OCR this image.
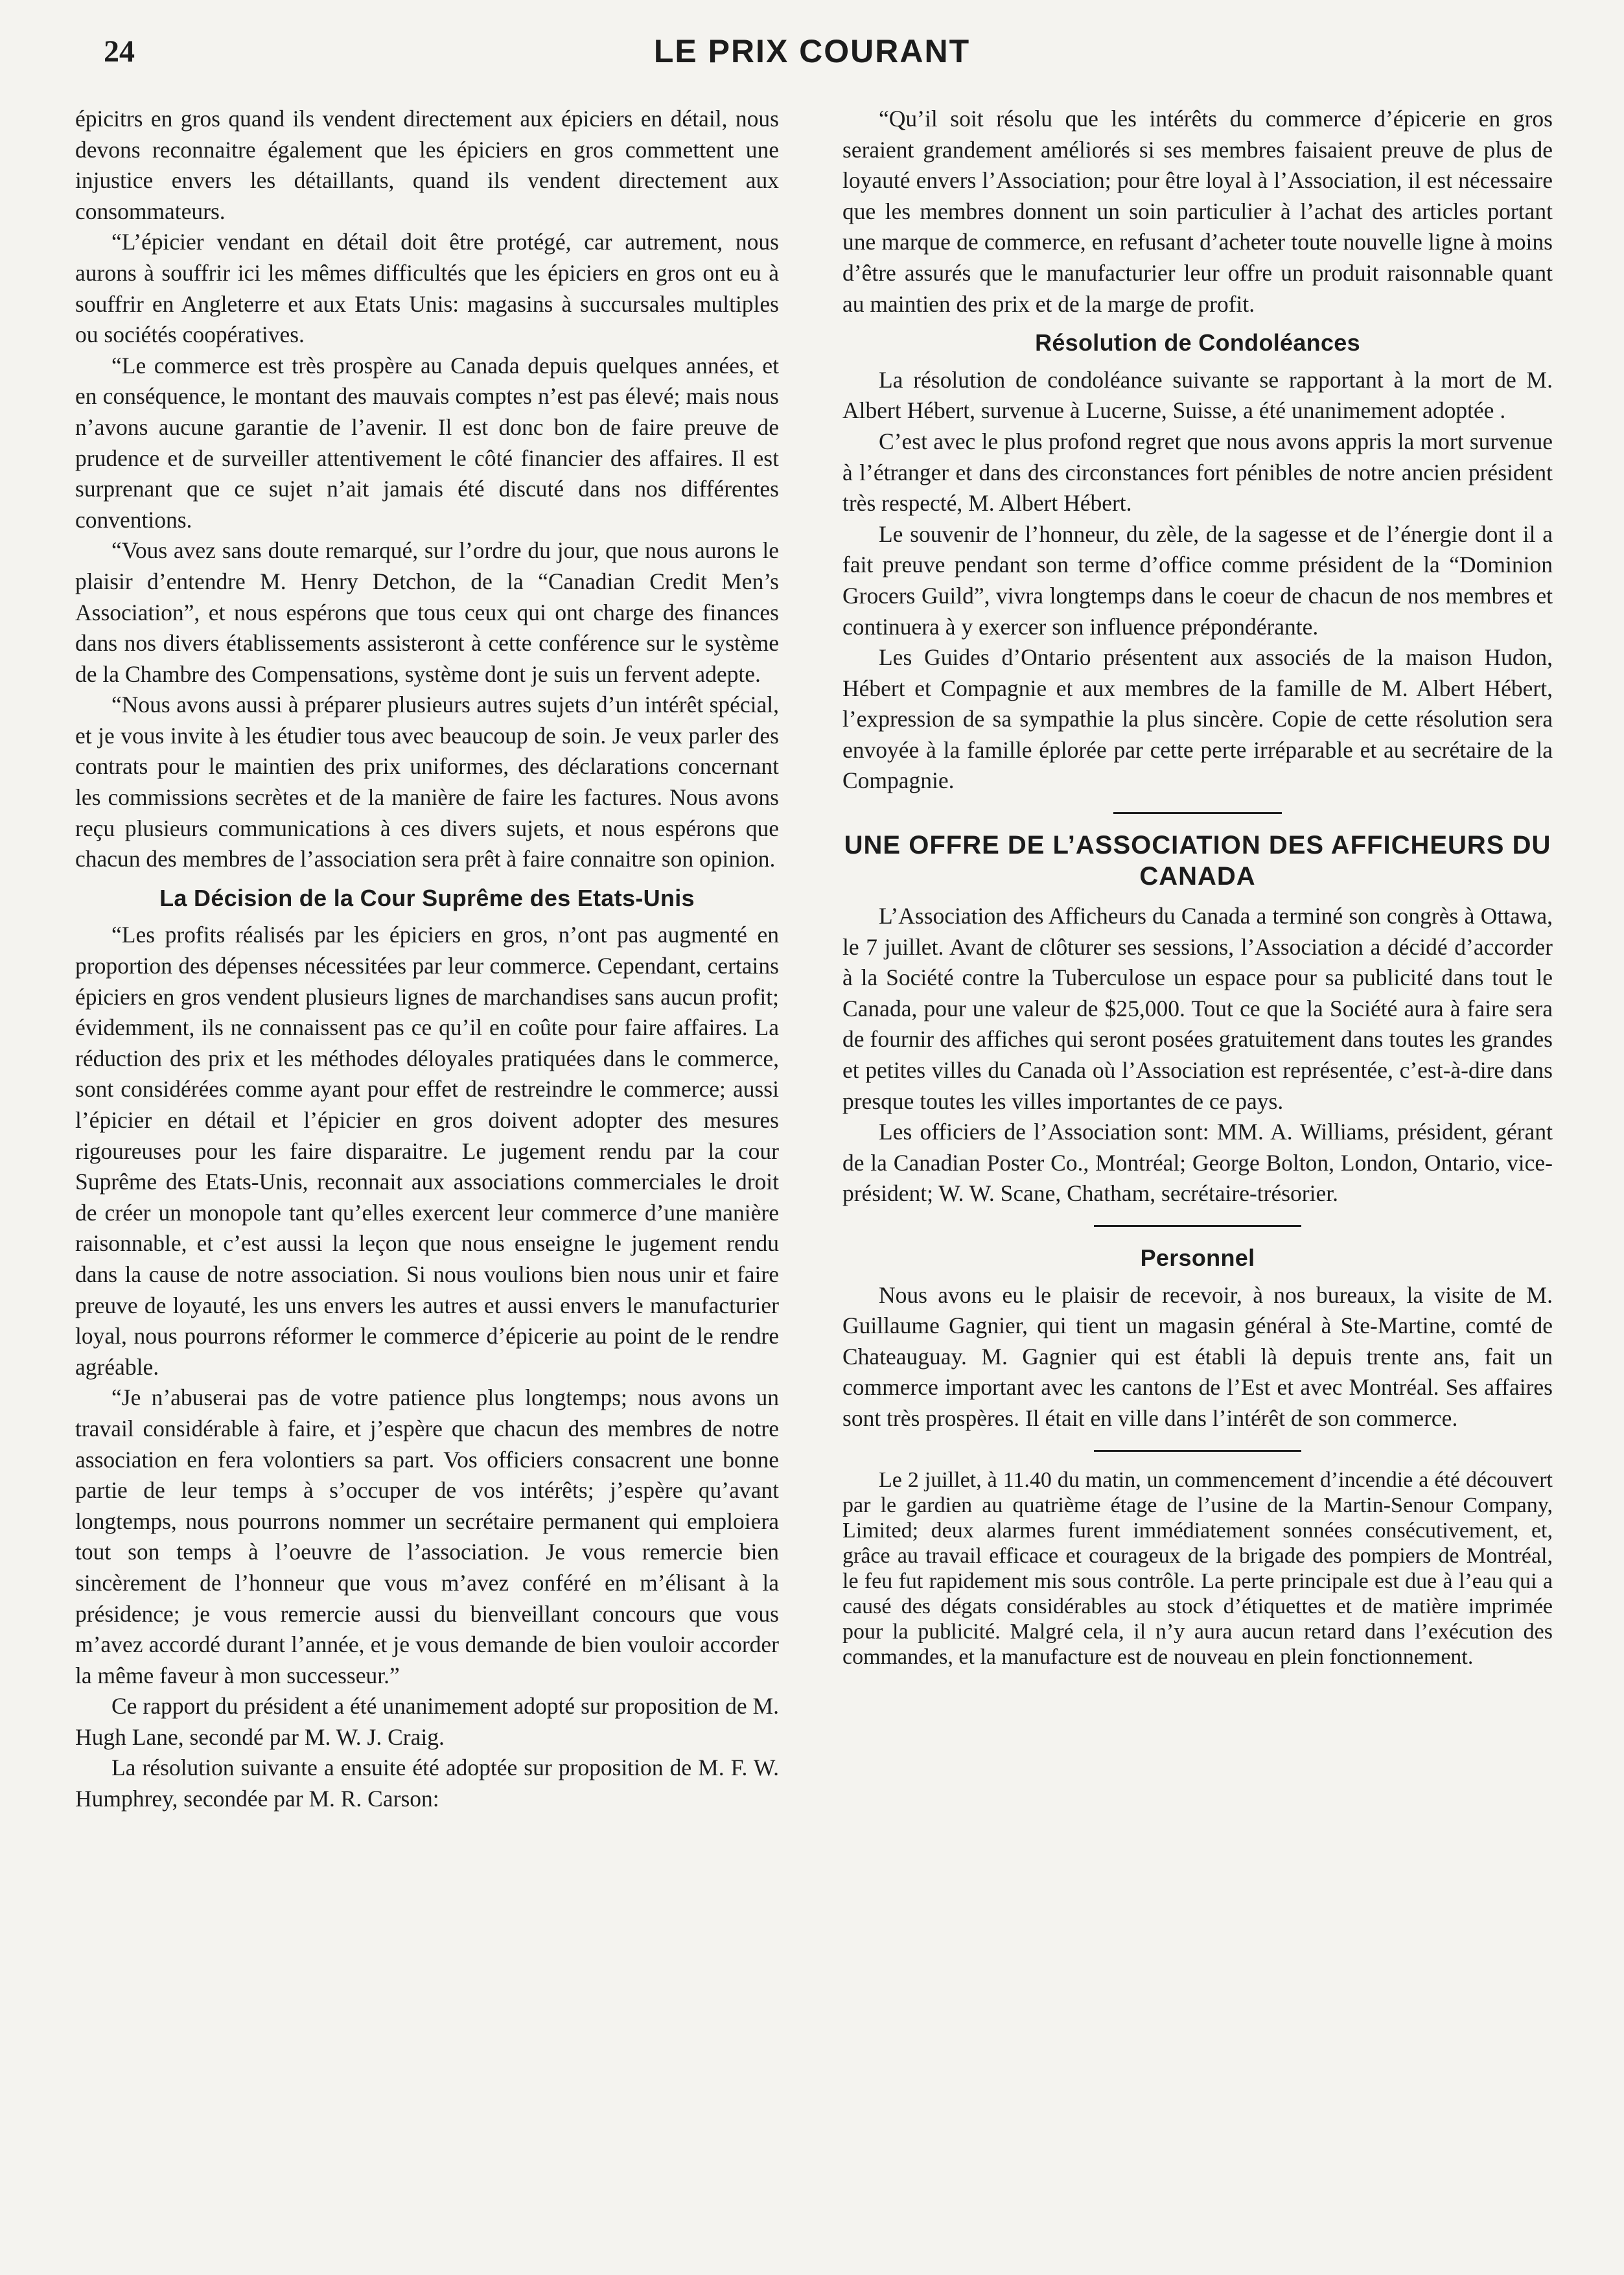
24	LE PRIX COURANT

épicitrs en gros quand ils vendent directement aux épiciers en détail, nous devons reconnaitre également que les épiciers en gros commettent une injustice envers les détaillants, quand ils vendent directement aux consommateurs.

“L’épicier vendant en détail doit être protégé, car autrement, nous aurons à souffrir ici les mêmes difficultés que les épiciers en gros ont eu à souffrir en Angleterre et aux Etats Unis: magasins à succursales multiples ou sociétés coopératives.

“Le commerce est très prospère au Canada depuis quelques années, et en conséquence, le montant des mauvais comptes n’est pas élevé; mais nous n’avons aucune garantie de l’avenir. Il est donc bon de faire preuve de prudence et de surveiller attentivement le côté financier des affaires. Il est surprenant que ce sujet n’ait jamais été discuté dans nos différentes conventions.

“Vous avez sans doute remarqué, sur l’ordre du jour, que nous aurons le plaisir d’entendre M. Henry Detchon, de la “Canadian Credit Men’s Association”, et nous espérons que tous ceux qui ont charge des finances dans nos divers établissements assisteront à cette conférence sur le système de la Chambre des Compensations, système dont je suis un fervent adepte.

“Nous avons aussi à préparer plusieurs autres sujets d’un intérêt spécial, et je vous invite à les étudier tous avec beaucoup de soin. Je veux parler des contrats pour le maintien des prix uniformes, des déclarations concernant les commissions secrètes et de la manière de faire les factures. Nous avons reçu plusieurs communications à ces divers sujets, et nous espérons que chacun des membres de l’association sera prêt à faire connaitre son opinion.

La Décision de la Cour Suprême des Etats-Unis

“Les profits réalisés par les épiciers en gros, n’ont pas augmenté en proportion des dépenses nécessitées par leur commerce. Cependant, certains épiciers en gros vendent plusieurs lignes de marchandises sans aucun profit; évidemment, ils ne connaissent pas ce qu’il en coûte pour faire affaires. La réduction des prix et les méthodes déloyales pratiquées dans le commerce, sont considérées comme ayant pour effet de restreindre le commerce; aussi l’épicier en détail et l’épicier en gros doivent adopter des mesures rigoureuses pour les faire disparaitre. Le jugement rendu par la cour Suprême des Etats-Unis, reconnait aux associations commerciales le droit de créer un monopole tant qu’elles exercent leur commerce d’une manière raisonnable, et c’est aussi la leçon que nous enseigne le jugement rendu dans la cause de notre association. Si nous voulions bien nous unir et faire preuve de loyauté, les uns envers les autres et aussi envers le manufacturier loyal, nous pourrons réformer le commerce d’épicerie au point de le rendre agréable.

“Je n’abuserai pas de votre patience plus longtemps; nous avons un travail considérable à faire, et j’espère que chacun des membres de notre association en fera volontiers sa part. Vos officiers consacrent une bonne partie de leur temps à s’occuper de vos intérêts; j’espère qu’avant longtemps, nous pourrons nommer un secrétaire permanent qui emploiera tout son temps à l’oeuvre de l’association. Je vous remercie bien sincèrement de l’honneur que vous m’avez conféré en m’élisant à la présidence; je vous remercie aussi du bienveillant concours que vous m’avez accordé durant l’année, et je vous demande de bien vouloir accorder la même faveur à mon successeur.”

Ce rapport du président a été unanimement adopté sur proposition de M. Hugh Lane, secondé par M. W. J. Craig.

La résolution suivante a ensuite été adoptée sur proposition de M. F. W. Humphrey, secondée par M. R. Carson:

“Qu’il soit résolu que les intérêts du commerce d’épicerie en gros seraient grandement améliorés si ses membres faisaient preuve de plus de loyauté envers l’Association; pour être loyal à l’Association, il est nécessaire que les membres donnent un soin particulier à l’achat des articles portant une marque de commerce, en refusant d’acheter toute nouvelle ligne à moins d’être assurés que le manufacturier leur offre un produit raisonnable quant au maintien des prix et de la marge de profit.

Résolution de Condoléances

La résolution de condoléance suivante se rapportant à la mort de M. Albert Hébert, survenue à Lucerne, Suisse, a été unanimement adoptée .

C’est avec le plus profond regret que nous avons appris la mort survenue à l’étranger et dans des circonstances fort pénibles de notre ancien président très respecté, M. Albert Hébert.

Le souvenir de l’honneur, du zèle, de la sagesse et de l’énergie dont il a fait preuve pendant son terme d’office comme président de la “Dominion Grocers Guild”, vivra longtemps dans le coeur de chacun de nos membres et continuera à y exercer son influence prépondérante.

Les Guides d’Ontario présentent aux associés de la maison Hudon, Hébert et Compagnie et aux membres de la famille de M. Albert Hébert, l’expression de sa sympathie la plus sincère. Copie de cette résolution sera envoyée à la famille éplorée par cette perte irréparable et au secrétaire de la Compagnie.

UNE OFFRE DE L’ASSOCIATION DES AFFICHEURS DU CANADA

L’Association des Afficheurs du Canada a terminé son congrès à Ottawa, le 7 juillet. Avant de clôturer ses sessions, l’Association a décidé d’accorder à la Société contre la Tuberculose un espace pour sa publicité dans tout le Canada, pour une valeur de $25,000. Tout ce que la Société aura à faire sera de fournir des affiches qui seront posées gratuitement dans toutes les grandes et petites villes du Canada où l’Association est représentée, c’est-à-dire dans presque toutes les villes importantes de ce pays.

Les officiers de l’Association sont: MM. A. Williams, président, gérant de la Canadian Poster Co., Montréal; George Bolton, London, Ontario, vice-président; W. W. Scane, Chatham, secrétaire-trésorier.

Personnel

Nous avons eu le plaisir de recevoir, à nos bureaux, la visite de M. Guillaume Gagnier, qui tient un magasin général à Ste-Martine, comté de Chateauguay. M. Gagnier qui est établi là depuis trente ans, fait un commerce important avec les cantons de l’Est et avec Montréal. Ses affaires sont très prospères. Il était en ville dans l’intérêt de son commerce.

Le 2 juillet, à 11.40 du matin, un commencement d’incendie a été découvert par le gardien au quatrième étage de l’usine de la Martin-Senour Company, Limited; deux alarmes furent immédiatement sonnées consécutivement, et, grâce au travail efficace et courageux de la brigade des pompiers de Montréal, le feu fut rapidement mis sous contrôle. La perte principale est due à l’eau qui a causé des dégats considérables au stock d’étiquettes et de matière imprimée pour la publicité. Malgré cela, il n’y aura aucun retard dans l’exécution des commandes, et la manufacture est de nouveau en plein fonctionnement.
